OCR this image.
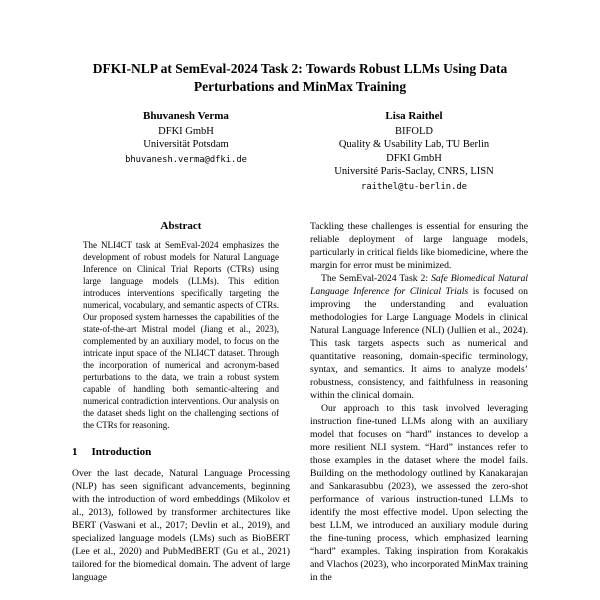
DFKI-NLP at SemEval-2024 Task 2: Towards Robust LLMs Using Data
Perturbations and MinMax Training
Bhuvanesh Verma
DFKI GmbH
Universität Potsdam
bhuvanesh.verma@dfki.de
Lisa Raithel
BIFOLD
Quality & Usability Lab, TU Berlin
DFKI GmbH
Université Paris-Saclay, CNRS, LISN
raithel@tu-berlin.de
Abstract
The NLI4CT task at SemEval-2024 emphasizes the development of robust models for Natural Language Inference on Clinical Trial Reports (CTRs) using large language models (LLMs). This edition introduces interventions specifically targeting the numerical, vocabulary, and semantic aspects of CTRs. Our proposed system harnesses the capabilities of the state-of-the-art Mistral model (Jiang et al., 2023), complemented by an auxiliary model, to focus on the intricate input space of the NLI4CT dataset. Through the incorporation of numerical and acronym-based perturbations to the data, we train a robust system capable of handling both semantic-altering and numerical contradiction interventions. Our analysis on the dataset sheds light on the challenging sections of the CTRs for reasoning.
1 Introduction

Over the last decade, Natural Language Processing (NLP) has seen significant advancements, beginning with the introduction of word embeddings (Mikolov et al., 2013), followed by transformer architectures like BERT (Vaswani et al., 2017; Devlin et al., 2019), and specialized language models (LMs) such as BioBERT (Lee et al., 2020) and PubMedBERT (Gu et al., 2021) tailored for the biomedical domain. The advent of large language

Tackling these challenges is essential for ensuring the reliable deployment of large language models, particularly in critical fields like biomedicine, where the margin for error must be minimized.

The SemEval-2024 Task 2: Safe Biomedical Natural Language Inference for Clinical Trials is focused on improving the understanding and evaluation methodologies for Large Language Models in clinical Natural Language Inference (NLI) (Jullien et al., 2024). This task targets aspects such as numerical and quantitative reasoning, domain-specific terminology, syntax, and semantics. It aims to analyze models’ robustness, consistency, and faithfulness in reasoning within the clinical domain.

Our approach to this task involved leveraging instruction fine-tuned LLMs along with an auxiliary model that focuses on “hard” instances to develop a more resilient NLI system. “Hard” instances refer to those examples in the dataset where the model fails. Building on the methodology outlined by Kanakarajan and Sankarasubbu (2023), we assessed the zero-shot performance of various instruction-tuned LLMs to identify the most effective model. Upon selecting the best LLM, we introduced an auxiliary module during the fine-tuning process, which emphasized learning “hard” examples. Taking inspiration from Korakakis and Vlachos (2023), who incorporated MinMax training in the
